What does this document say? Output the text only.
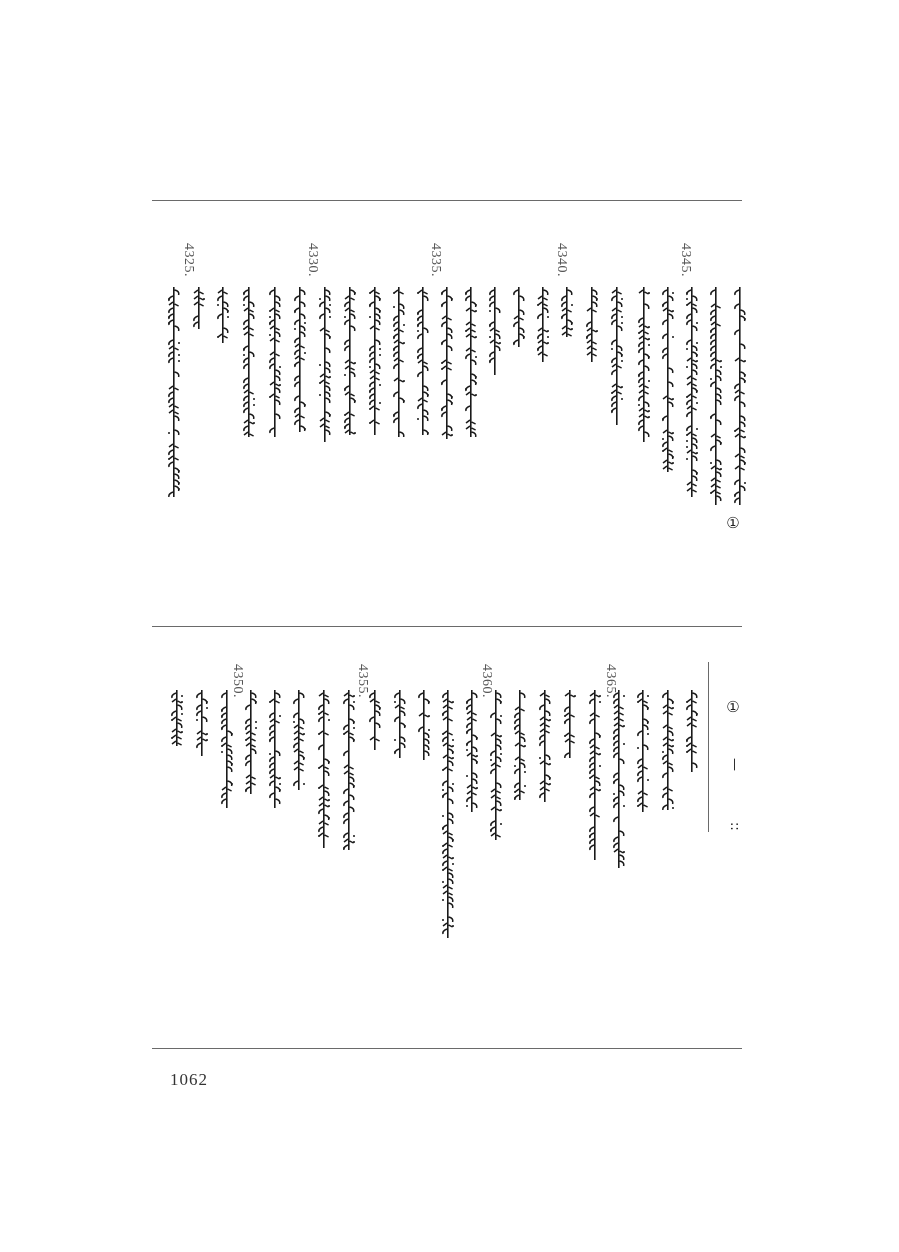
①
4345.
4340.
4335.
4330.
4325.
①
—
::
4365.
4360.
4355.
4350.
1062
